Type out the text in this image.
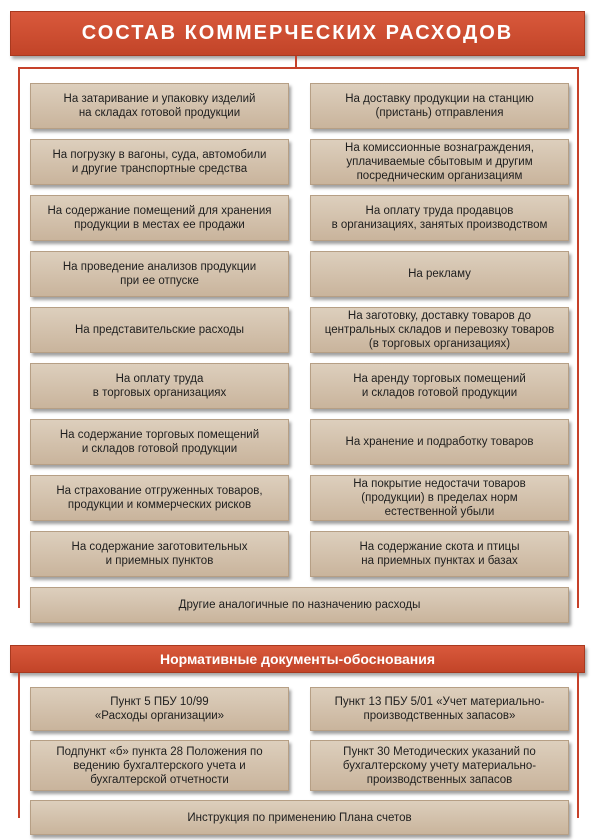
СОСТАВ КОММЕРЧЕСКИХ РАСХОДОВ
На затаривание и упаковку изделий
на складах готовой продукции
На погрузку в вагоны, суда, автомобили
и другие транспортные средства
На содержание помещений для хранения
продукции в местах ее продажи
На проведение анализов продукции
при ее отпуске
На представительские расходы
На оплату труда
в торговых организациях
На содержание торговых помещений
и складов готовой продукции
На страхование отгруженных товаров,
продукции и коммерческих рисков
На содержание заготовительных
и приемных пунктов
На доставку продукции на станцию
(пристань) отправления
На комиссионные вознаграждения,
уплачиваемые сбытовым и другим
посредническим организациям
На оплату труда продавцов
в организациях, занятых производством
На рекламу
На заготовку, доставку товаров до
центральных складов и перевозку товаров
(в торговых организациях)
На аренду торговых помещений
и складов готовой продукции
На хранение и подработку товаров
На покрытие недостачи товаров
(продукции) в пределах норм
естественной убыли
На содержание скота и птицы
на приемных пунктах и базах
Другие аналогичные по назначению расходы
Нормативные документы-обоснования
Пункт 5 ПБУ 10/99
«Расходы организации»
Пункт 13 ПБУ 5/01 «Учет материально-
производственных запасов»
Подпункт «б» пункта 28 Положения по
ведению бухгалтерского учета и
бухгалтерской отчетности
Пункт 30 Методических указаний по
бухгалтерскому учету материально-
производственных запасов
Инструкция по применению Плана счетов
